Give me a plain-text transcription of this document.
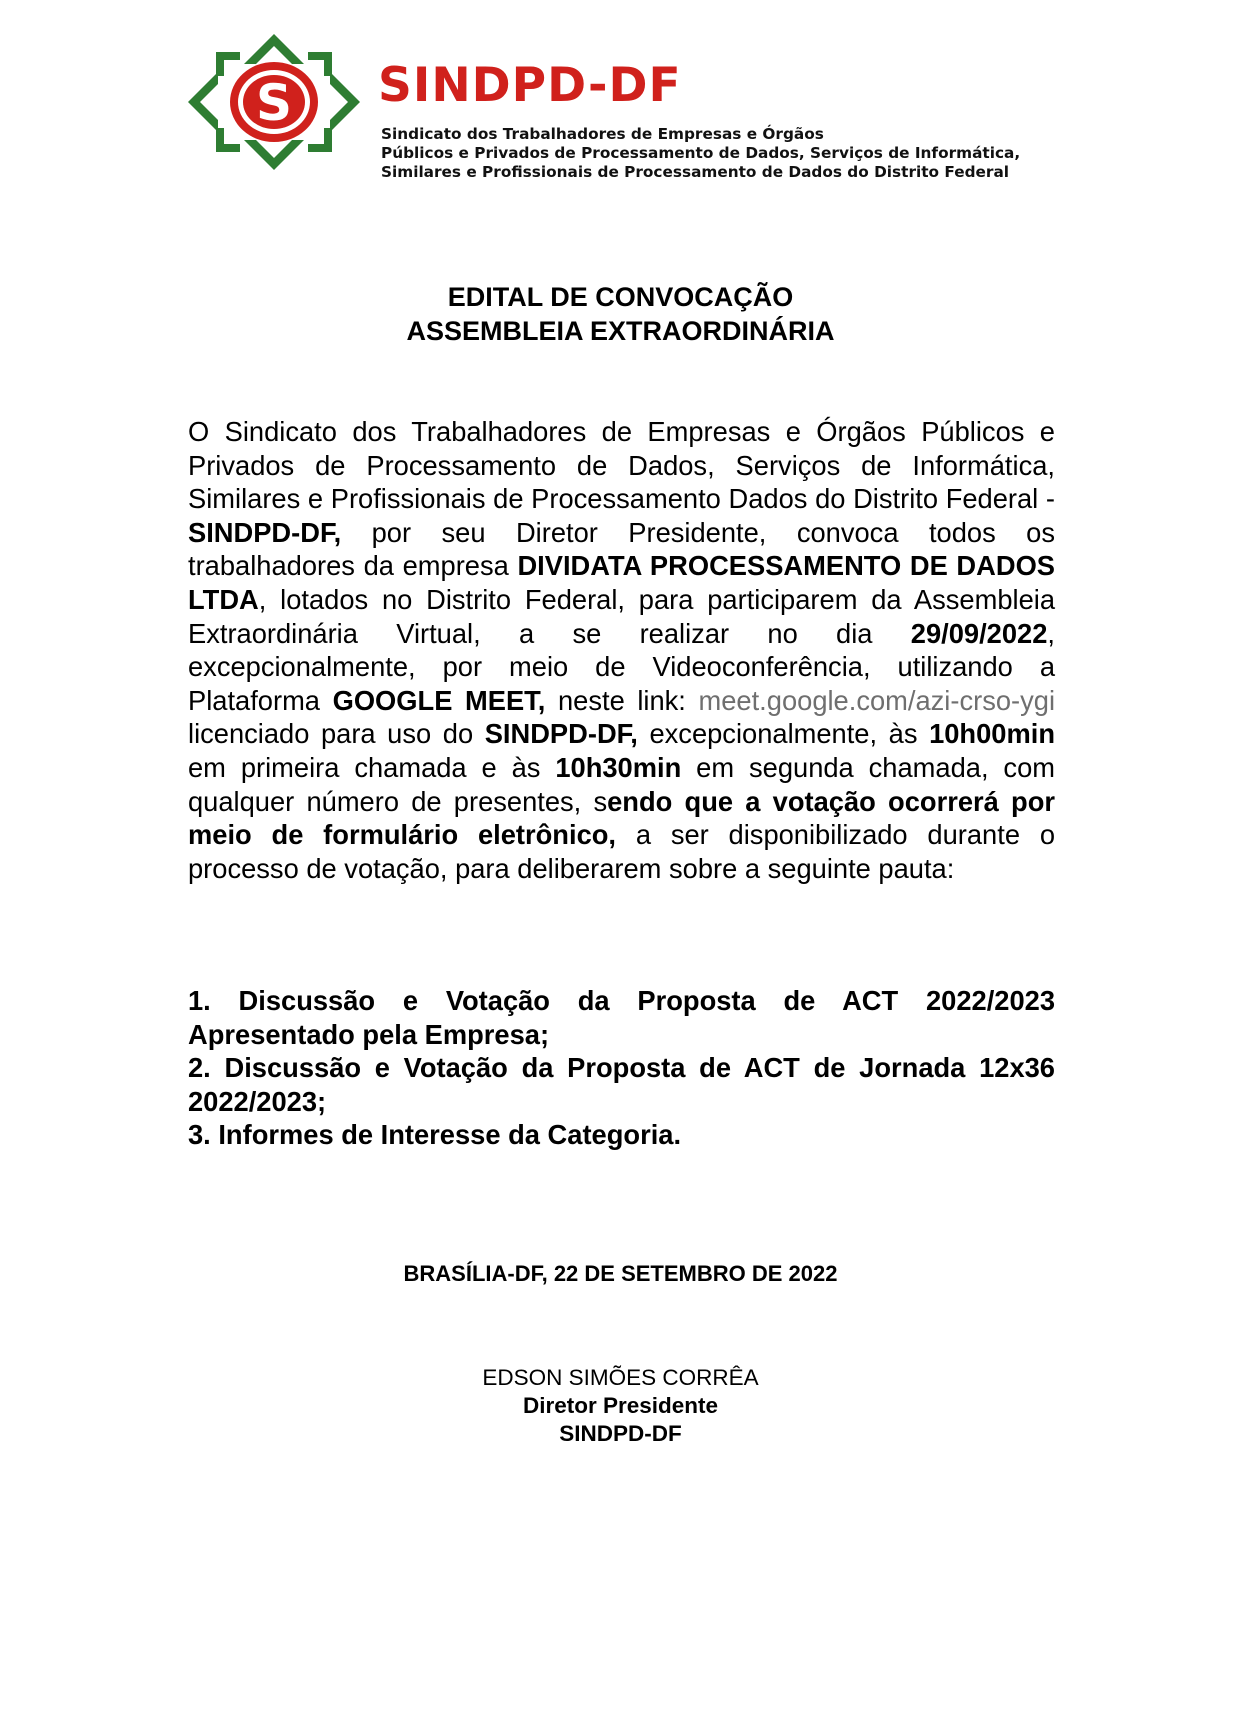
S SINDPD-DF
Sindicato dos Trabalhadores de Empresas e Órgãos
Públicos e Privados de Processamento de Dados, Serviços de Informática,
Similares e Profissionais de Processamento de Dados do Distrito Federal
EDITAL DE CONVOCAÇÃO
ASSEMBLEIA EXTRAORDINÁRIA
O Sindicato dos Trabalhadores de Empresas e Órgãos Públicos e Privados de Processamento de Dados, Serviços de Informática, Similares e Profissionais de Processamento Dados do Distrito Federal - SINDPD-DF, por seu Diretor Presidente, convoca todos os trabalhadores da empresa DIVIDATA PROCESSAMENTO DE DADOS LTDA, lotados no Distrito Federal, para participarem da Assembleia Extraordinária Virtual, a se realizar no dia 29/09/2022, excepcionalmente, por meio de Videoconferência, utilizando a Plataforma GOOGLE MEET, neste link: meet.google.com/azi-crso-ygi licenciado para uso do SINDPD-DF, excepcionalmente, às 10h00min em primeira chamada e às 10h30min em segunda chamada, com qualquer número de presentes, sendo que a votação ocorrerá por meio de formulário eletrônico, a ser disponibilizado durante o processo de votação, para deliberarem sobre a seguinte pauta:
1. Discussão e Votação da Proposta de ACT 2022/2023 Apresentado pela Empresa;
2. Discussão e Votação da Proposta de ACT de Jornada 12x36 2022/2023;
3. Informes de Interesse da Categoria.
BRASÍLIA-DF, 22 DE SETEMBRO DE 2022
EDSON SIMÕES CORRÊA
Diretor Presidente
SINDPD-DF
